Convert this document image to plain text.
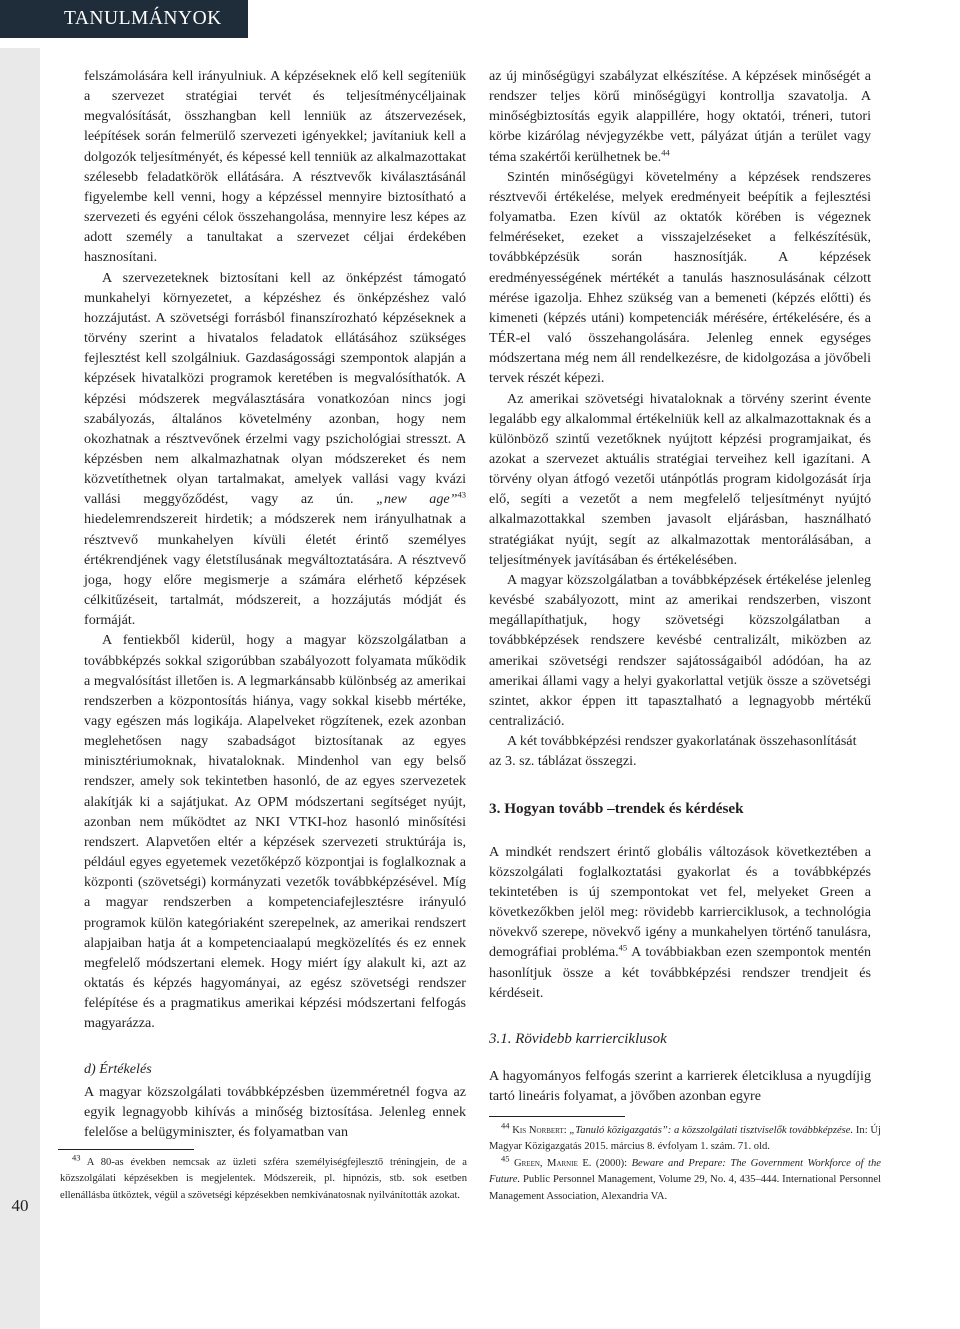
TANULMÁNYOK
40

felszámolására kell irányulniuk. A képzéseknek elő kell segíteniük a szervezet stratégiai tervét és teljesítménycéljainak megvalósítását, összhangban kell lenniük az átszervezések, leépítések során felmerülő szervezeti igényekkel; javítaniuk kell a dolgozók teljesítményét, és képessé kell tenniük az alkalmazottakat szélesebb feladatkörök ellátására. A résztvevők kiválasztásánál figyelembe kell venni, hogy a képzéssel mennyire biztosítható a szervezeti és egyéni célok összehangolása, mennyire lesz képes az adott személy a tanultakat a szervezet céljai érdekében hasznosítani.

A szervezeteknek biztosítani kell az önképzést támogató munkahelyi környezetet, a képzéshez és önképzéshez való hozzájutást. A szövetségi forrásból finanszírozható képzéseknek a törvény szerint a hivatalos feladatok ellátásához szükséges fejlesztést kell szolgálniuk. Gazdaságossági szempontok alapján a képzések hivatalközi programok keretében is megvalósíthatók. A képzési módszerek megválasztására vonatkozóan nincs jogi szabályozás, általános követelmény azonban, hogy nem okozhatnak a résztvevőnek érzelmi vagy pszichológiai stresszt. A képzésben nem alkalmazhatnak olyan módszereket és nem közvetíthetnek olyan tartalmakat, amelyek vallási vagy kvázi vallási meggyőződést, vagy az ún. „new age”$^{43}$ hiedelemrendszereit hirdetik; a módszerek nem irányulhatnak a résztvevő munkahelyen kívüli életét érintő személyes értékrendjének vagy életstílusának megváltoztatására. A résztvevő joga, hogy előre megismerje a számára elérhető képzések célkitűzéseit, tartalmát, módszereit, a hozzájutás módját és formáját.

A fentiekből kiderül, hogy a magyar közszolgálatban a továbbképzés sokkal szigorúbban szabályozott folyamata működik a megvalósítást illetően is. A legmarkánsabb különbség az amerikai rendszerben a központosítás hiánya, vagy sokkal kisebb mértéke, vagy egészen más logikája. Alapelveket rögzítenek, ezek azonban meglehetősen nagy szabadságot biztosítanak az egyes minisztériumoknak, hivataloknak. Mindenhol van egy belső rendszer, amely sok tekintetben hasonló, de az egyes szervezetek alakítják ki a sajátjukat. Az OPM módszertani segítséget nyújt, azonban nem működtet az NKI VTKI-hoz hasonló minősítési rendszert. Alapvetően eltér a képzések szervezeti struktúrája is, például egyes egyetemek vezetőképző központjai is foglalkoznak a központi (szövetségi) kormányzati vezetők továbbképzésével. Míg a magyar rendszerben a kompetenciafejlesztésre irányuló programok külön kategóriaként szerepelnek, az amerikai rendszert alapjaiban hatja át a kompetenciaalapú megközelítés és ez ennek megfelelő módszertani elemek. Hogy miért így alakult ki, azt az oktatás és képzés hagyományai, az egész szövetségi rendszer felépítése és a pragmatikus amerikai képzési módszertani felfogás magyarázza.

d) Értékelés

A magyar közszolgálati továbbképzésben üzemméretnél fogva az egyik legnagyobb kihívás a minőség biztosítása. Jelenleg ennek felelőse a belügyminiszter, és folyamatban van

az új minőségügyi szabályzat elkészítése. A képzések minőségét a rendszer teljes körű minőségügyi kontrollja szavatolja. A minőségbiztosítás egyik alappillére, hogy oktatói, tréneri, tutori körbe kizárólag névjegyzékbe vett, pályázat útján a terület vagy téma szakértői kerülhetnek be.$^{44}$

Szintén minőségügyi követelmény a képzések rendszeres résztvevői értékelése, melyek eredményeit beépítik a fejlesztési folyamatba. Ezen kívül az oktatók körében is végeznek felméréseket, ezeket a visszajelzéseket a felkészítésük, továbbképzésük során hasznosítják. A képzések eredményességének mértékét a tanulás hasznosulásának célzott mérése igazolja. Ehhez szükség van a bemeneti (képzés előtti) és kimeneti (képzés utáni) kompetenciák mérésére, értékelésére, és a TÉR-el való összehangolására. Jelenleg ennek egységes módszertana még nem áll rendelkezésre, de kidolgozása a jövőbeli tervek részét képezi.

Az amerikai szövetségi hivataloknak a törvény szerint évente legalább egy alkalommal értékelniük kell az alkalmazottaknak és a különböző szintű vezetőknek nyújtott képzési programjaikat, és azokat a szervezet aktuális stratégiai terveihez kell igazítani. A törvény olyan átfogó vezetői utánpótlás program kidolgozását írja elő, segíti a vezetőt a nem megfelelő teljesítményt nyújtó alkalmazottakkal szemben javasolt eljárásban, használható stratégiákat nyújt, segít az alkalmazottak mentorálásában, a teljesítmények javításában és értékelésében.

A magyar közszolgálatban a továbbképzések értékelése jelenleg kevésbé szabályozott, mint az amerikai rendszerben, viszont megállapíthatjuk, hogy szövetségi közszolgálatban a továbbképzések rendszere kevésbé centralizált, miközben az amerikai szövetségi rendszer sajátosságaiból adódóan, ha az amerikai állami vagy a helyi gyakorlattal vetjük össze a szövetségi szintet, akkor éppen itt tapasztalható a legnagyobb mértékű centralizáció.

A két továbbképzési rendszer gyakorlatának összehasonlítását az 3. sz. táblázat összegzi.

3. Hogyan tovább –trendek és kérdések

A mindkét rendszert érintő globális változások következtében a közszolgálati foglalkoztatási gyakorlat és a továbbképzés tekintetében is új szempontokat vet fel, melyeket Green a következőkben jelöl meg: rövidebb karrierciklusok, a technológia növekvő szerepe, növekvő igény a munkahelyen történő tanulásra, demográfiai probléma.$^{45}$ A továbbiakban ezen szempontok mentén hasonlítjuk össze a két továbbképzési rendszer trendjeit és kérdéseit.

3.1. Rövidebb karrierciklusok

A hagyományos felfogás szerint a karrierek életciklusa a nyugdíjig tartó lineáris folyamat, a jövőben azonban egyre

$^{43}$ A 80-as években nemcsak az üzleti szféra személyiségfejlesztő tréningjein, de a közszolgálati képzésekben is megjelentek. Módszereik, pl. hipnózis, stb. sok esetben ellenállásba ütköztek, végül a szövetségi képzésekben nemkívánatosnak nyilvánították azokat.

$^{44}$ Kis Norbert: „Tanuló közigazgatás”: a közszolgálati tisztviselők továbbképzése. In: Új Magyar Közigazgatás 2015. március 8. évfolyam 1. szám. 71. old.
$^{45}$ Green, Marnie E. (2000): Beware and Prepare: The Government Workforce of the Future. Public Personnel Management, Volume 29, No. 4, 435–444. International Personnel Management Association, Alexandria VA.
